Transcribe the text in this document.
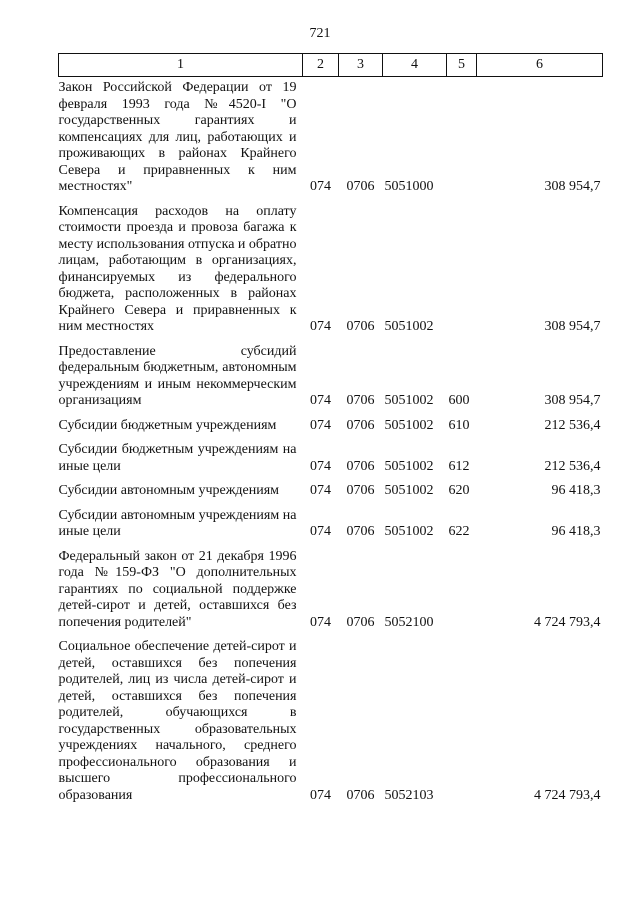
721
1	2	3	4	5	6
Закон Российской Федерации от 19 февраля 1993 года №4520-I "О государственных гарантиях и компенсациях для лиц, работающих и проживающих в районах Крайнего Севера и приравненных к ним местностях"	074	0706	5051000		308 954,7
Компенсация расходов на оплату стоимости проезда и провоза багажа к месту использования отпуска и обратно лицам, работающим в организациях, финансируемых из федерального бюджета, расположенных в районах Крайнего Севера и приравненных к ним местностях	074	0706	5051002		308 954,7
Предоставление субсидий федеральным бюджетным, автономным учреждениям и иным некоммерческим организациям	074	0706	5051002	600	308 954,7
Субсидии бюджетным учреждениям	074	0706	5051002	610	212 536,4
Субсидии бюджетным учреждениям на иные цели	074	0706	5051002	612	212 536,4
Субсидии автономным учреждениям	074	0706	5051002	620	96 418,3
Субсидии автономным учреждениям на иные цели	074	0706	5051002	622	96 418,3
Федеральный закон от 21 декабря 1996 года №159-ФЗ "О дополнительных гарантиях по социальной поддержке детей-сирот и детей, оставшихся без попечения родителей"	074	0706	5052100		4 724 793,4
Социальное обеспечение детей-сирот и детей, оставшихся без попечения родителей, лиц из числа детей-сирот и детей, оставшихся без попечения родителей, обучающихся в государственных образовательных учреждениях начального, среднего профессионального образования и высшего профессионального образования	074	0706	5052103		4 724 793,4
